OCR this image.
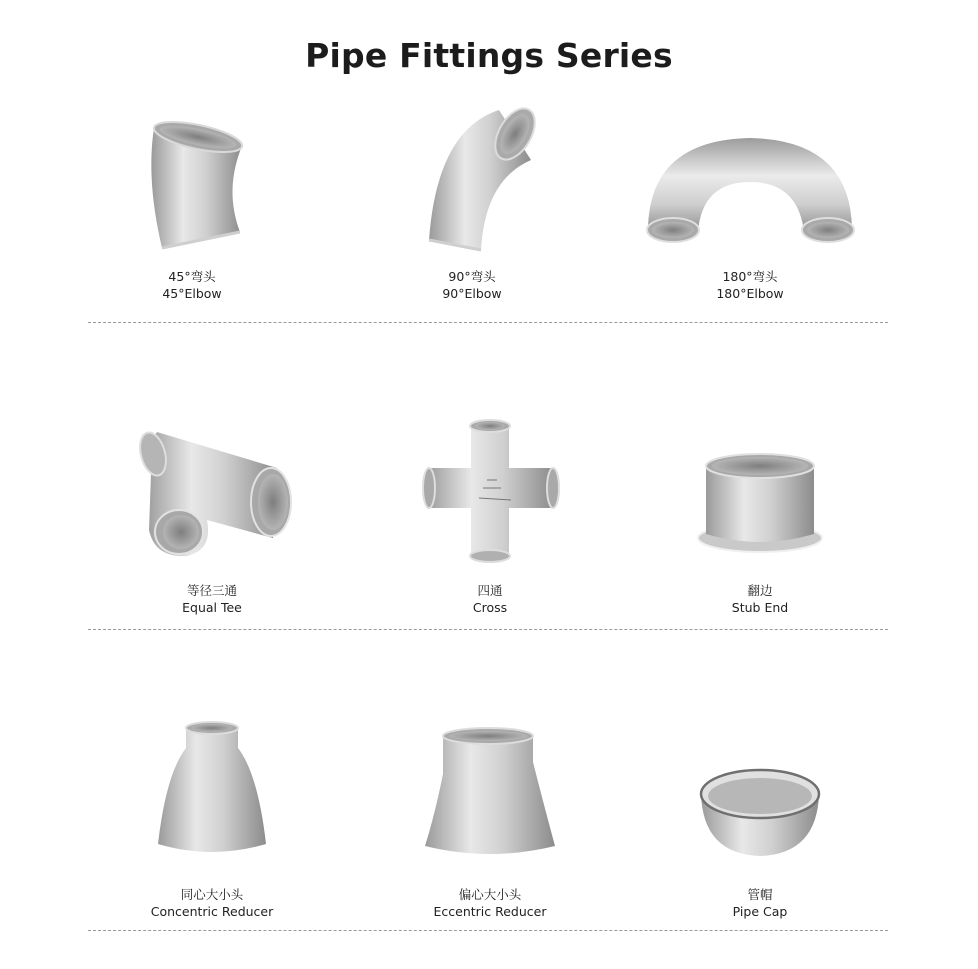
Pipe Fittings Series
45°弯头
45°Elbow
90°弯头
90°Elbow
180°弯头
180°Elbow
等径三通
Equal Tee
四通
Cross
翻边
Stub End
同心大小头
Concentric Reducer
偏心大小头
Eccentric Reducer
管帽
Pipe Cap
